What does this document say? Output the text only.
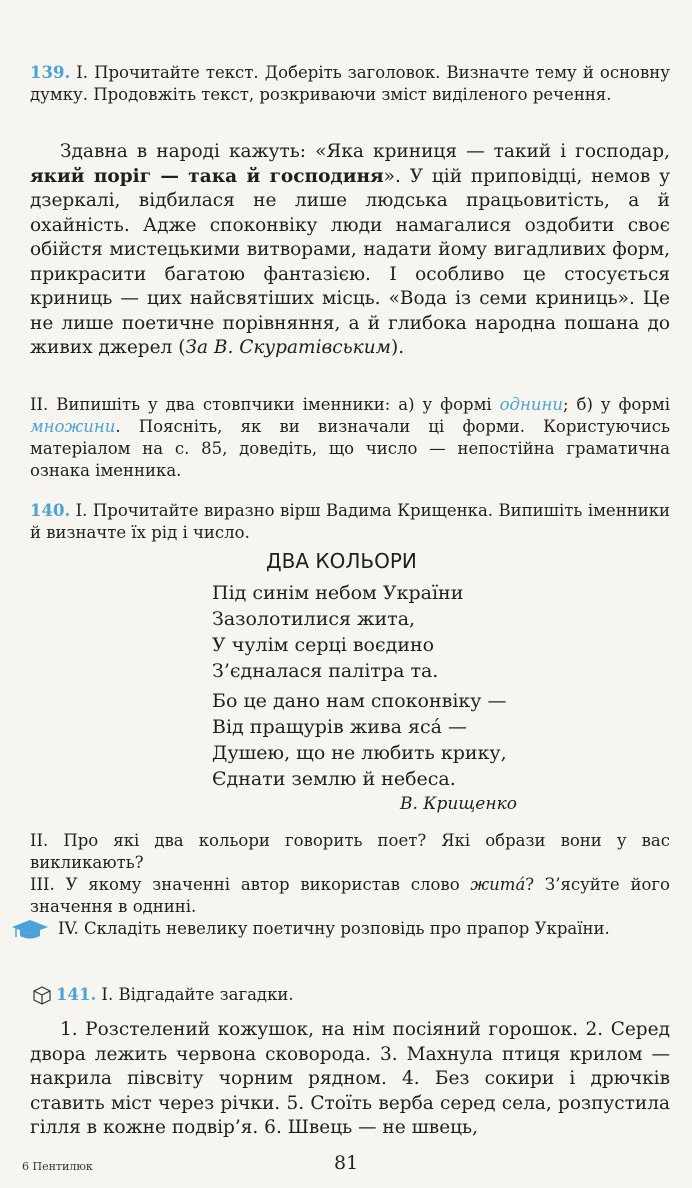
139. І. Прочитайте текст. Доберіть заголовок. Визначте тему й основну думку. Продовжіть текст, розкриваючи зміст виділеного речення.

Здавна в народі кажуть: «Яка криниця — такий і господар, який поріг — така й господиня». У цій приповідці, немов у дзеркалі, відбилася не лише людська працьовитість, а й охайність. Адже споконвіку люди намагалися оздобити своє обійстя мистецькими витворами, надати йому вигадливих форм, прикрасити багатою фантазією. І особливо це стосується криниць — цих найсвятіших місць. «Вода із семи криниць». Це не лише поетичне порівняння, а й глибока народна пошана до живих джерел (За В. Скуратівським).

II. Випишіть у два стовпчики іменники: а) у формі однини; б) у формі множини. Поясніть, як ви визначали ці форми. Користуючись матеріалом на с. 85, доведіть, що число — непостійна граматична ознака іменника.

140. І. Прочитайте виразно вірш Вадима Крищенка. Випишіть іменники й визначте їх рід і число.

ДВА КОЛЬОРИ

Під синім небом України
Зазолотилися жита,
У чулім серці воєдино
З’єдналася палітра та.
Бо це дано нам споконвіку —
Від пращурів жива яса́ —
Душею, що не любить крику,
Єднати землю й небеса.

В. Крищенко

II. Про які два кольори говорить поет? Які образи вони у вас викликають?

III. У якому значенні автор використав слово жита́? З’ясуйте його значення в однині.

IV. Складіть невелику поетичну розповідь про прапор України.

141. І. Відгадайте загадки.

1. Розстелений кожушок, на нім посіяний горошок. 2. Серед двора лежить червона сковорода. 3. Махнула птиця крилом — накрила півсвіту чорним рядном. 4. Без сокири і дрючків ставить міст через річки. 5. Стоїть верба серед села, розпустила гілля в кожне подвір’я. 6. Швець — не швець,

6 Пентилюк	81
